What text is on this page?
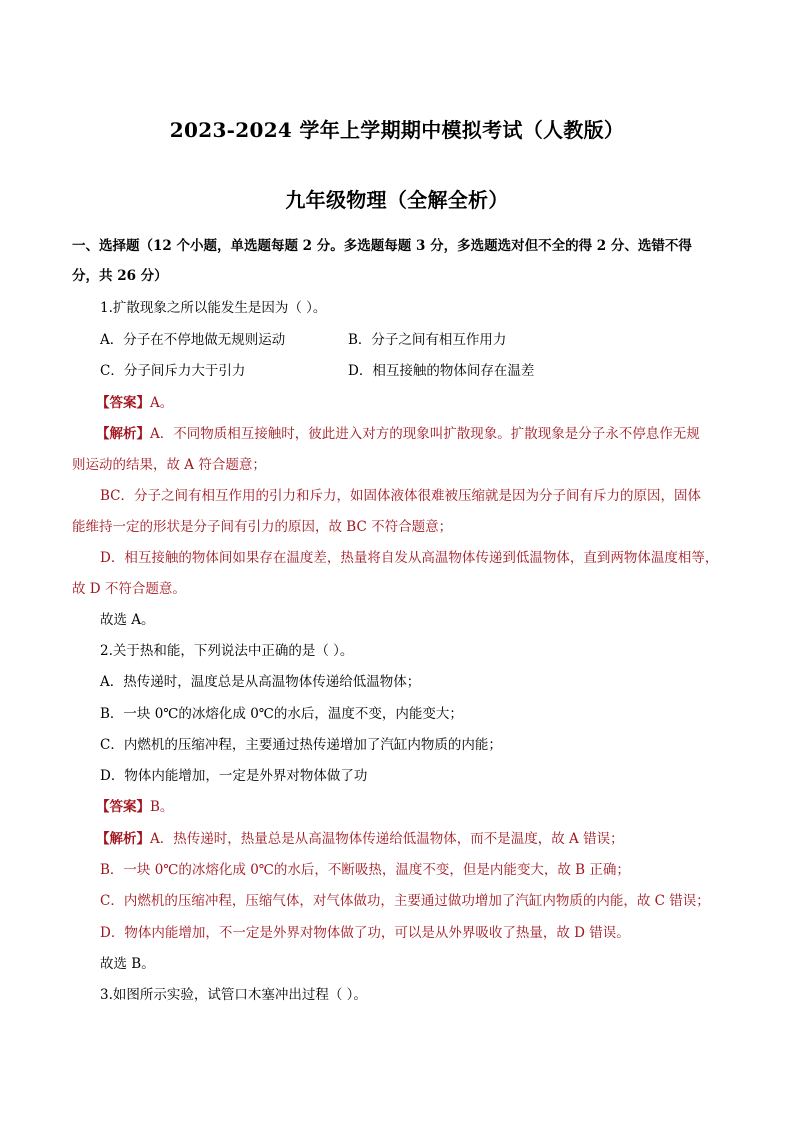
2023-2024 学年上学期期中模拟考试（人教版）
九年级物理（全解全析）
一、选择题（12 个小题，单选题每题 2 分。多选题每题 3 分，多选题选对但不全的得 2 分、选错不得
分，共 26 分）
1.扩散现象之所以能发生是因为（ ）。
A．分子在不停地做无规则运动	B．分子之间有相互作用力
C．分子间斥力大于引力	D．相互接触的物体间存在温差
【答案】A。
【解析】A．不同物质相互接触时，彼此进入对方的现象叫扩散现象。扩散现象是分子永不停息作无规
则运动的结果，故 A 符合题意；
BC．分子之间有相互作用的引力和斥力，如固体液体很难被压缩就是因为分子间有斥力的原因，固体
能维持一定的形状是分子间有引力的原因，故 BC 不符合题意；
D．相互接触的物体间如果存在温度差，热量将自发从高温物体传递到低温物体，直到两物体温度相等，
故 D 不符合题意。
故选 A。
2.关于热和能，下列说法中正确的是（ ）。
A．热传递时，温度总是从高温物体传递给低温物体；
B．一块 0℃的冰熔化成 0℃的水后，温度不变，内能变大；
C．内燃机的压缩冲程，主要通过热传递增加了汽缸内物质的内能；
D．物体内能增加，一定是外界对物体做了功
【答案】B。
【解析】A．热传递时，热量总是从高温物体传递给低温物体，而不是温度，故 A 错误；
B．一块 0℃的冰熔化成 0℃的水后，不断吸热，温度不变，但是内能变大，故 B 正确；
C．内燃机的压缩冲程，压缩气体，对气体做功，主要通过做功增加了汽缸内物质的内能，故 C 错误；
D．物体内能增加，不一定是外界对物体做了功，可以是从外界吸收了热量，故 D 错误。
故选 B。
3.如图所示实验，试管口木塞冲出过程（ ）。
